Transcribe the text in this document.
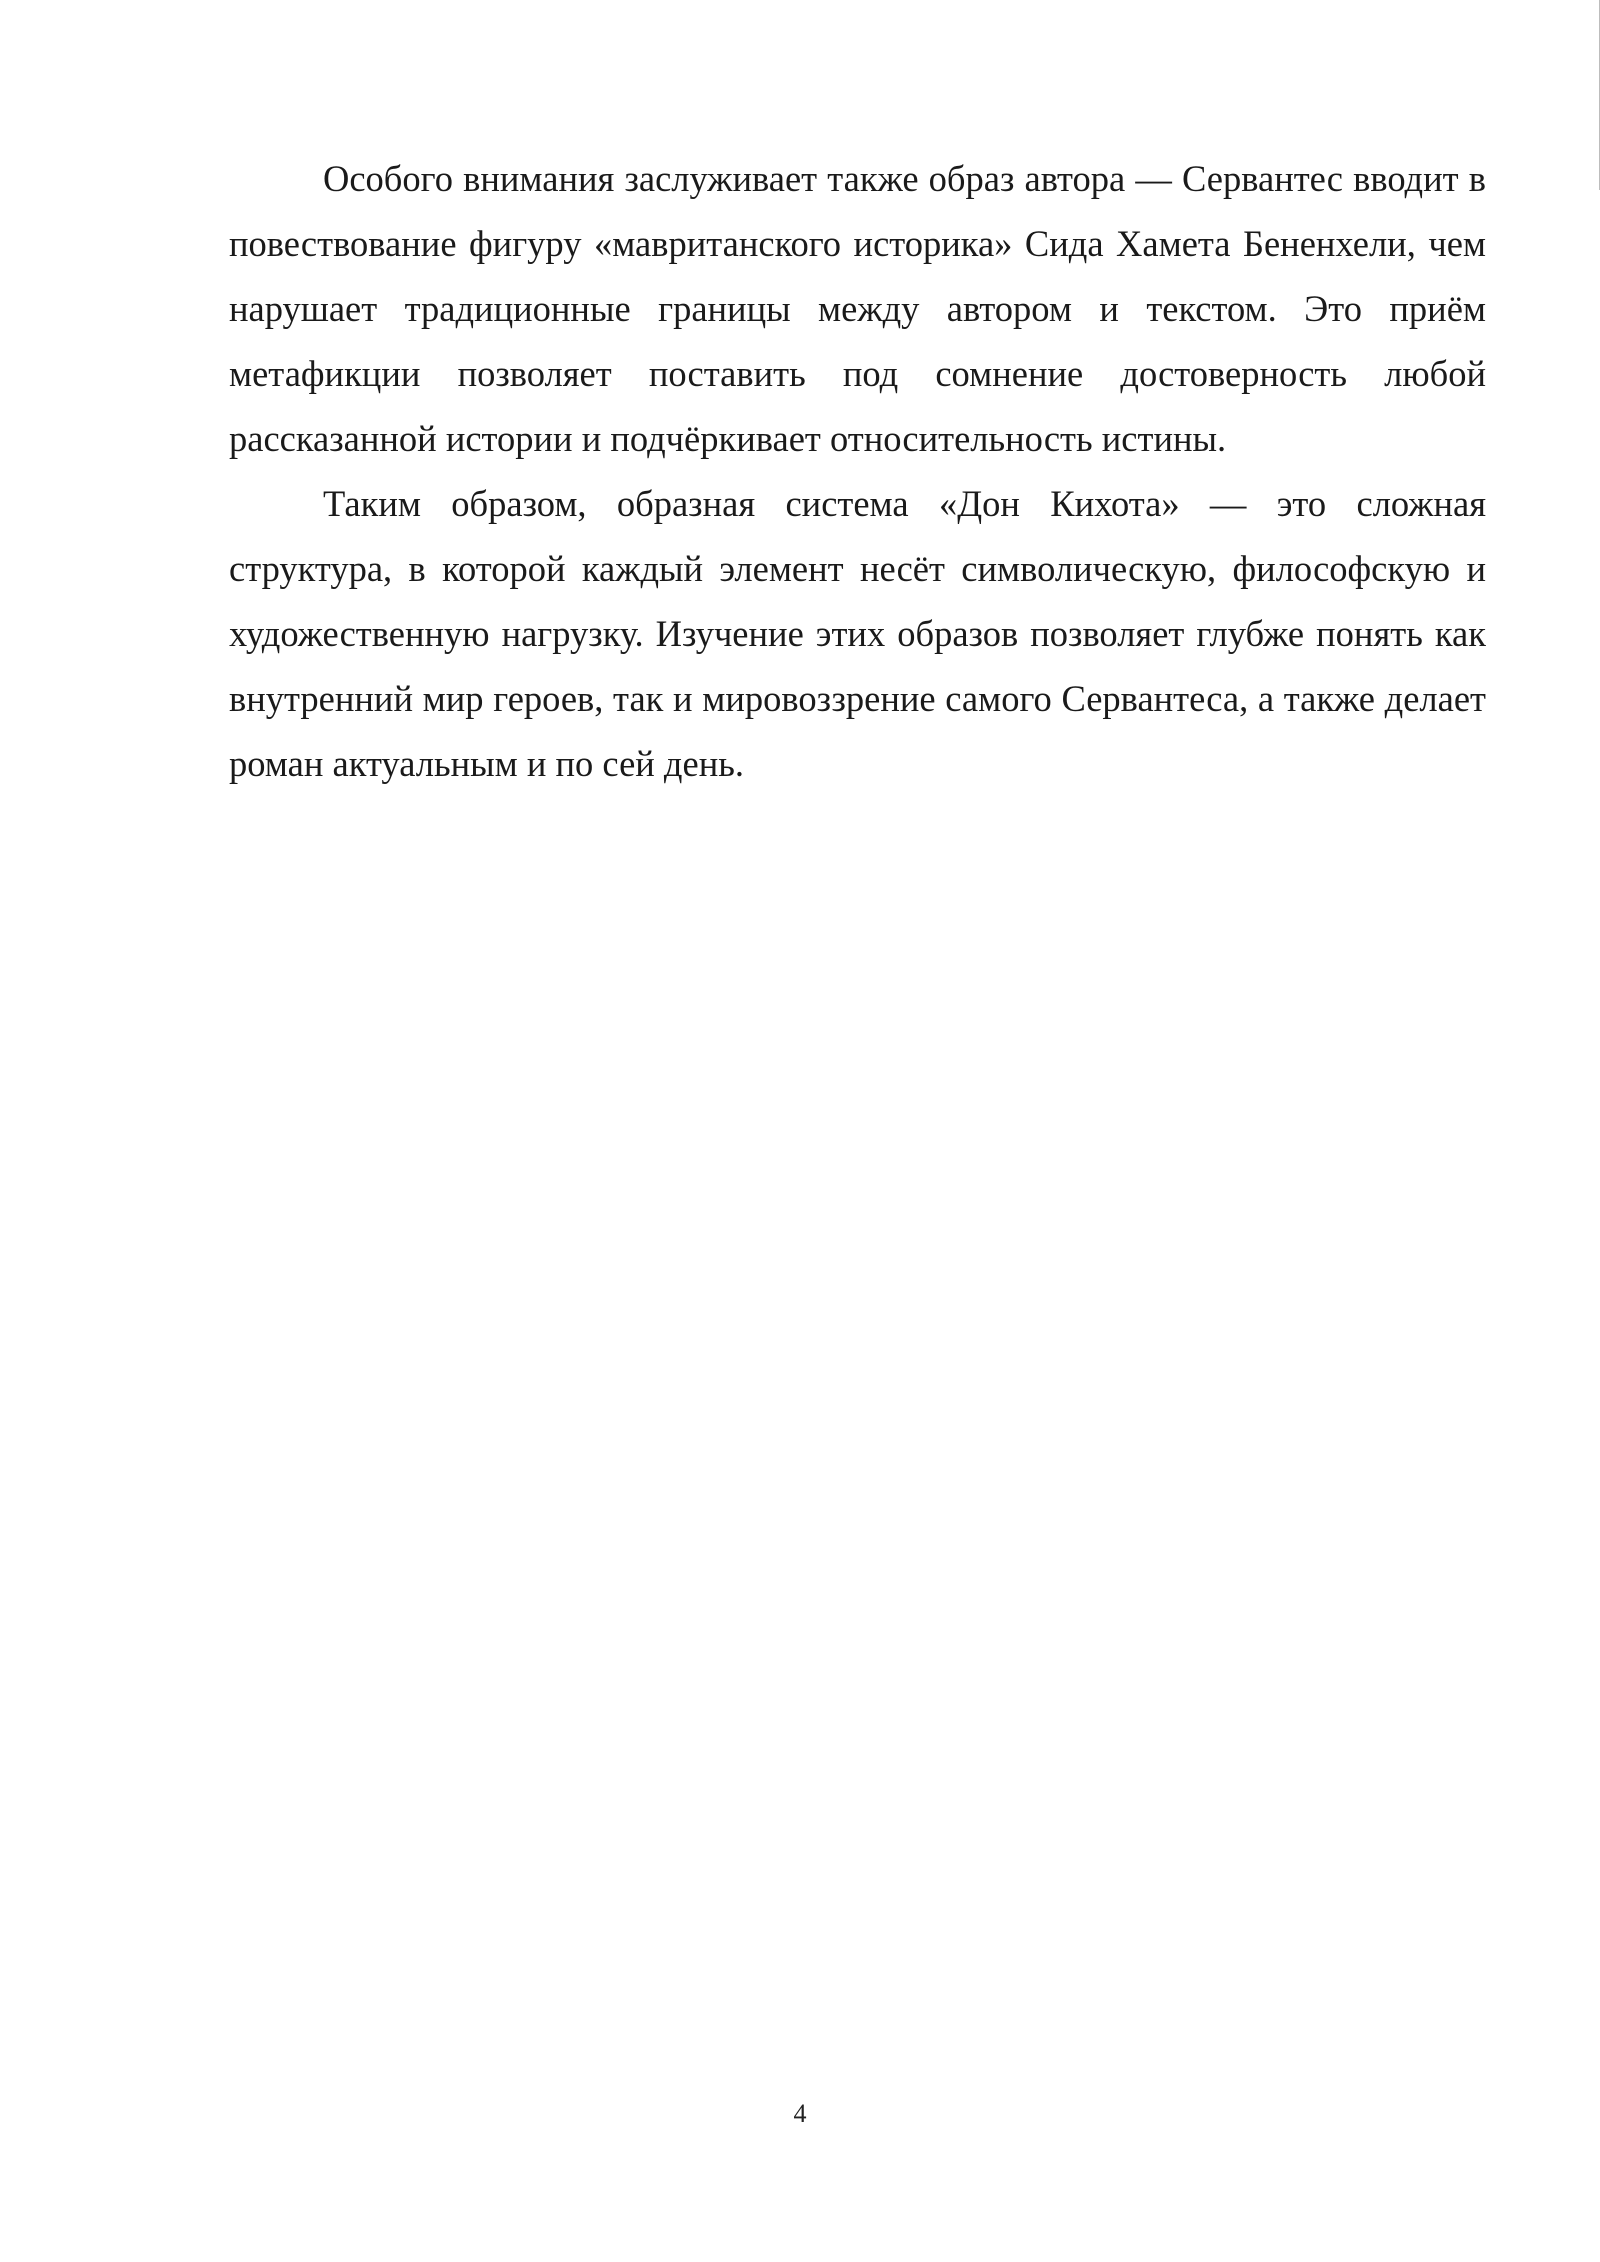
Особого внимания заслуживает также образ автора — Сервантес вводит в повествование фигуру «мавританского историка» Сида Хамета Бененхели, чем нарушает традиционные границы между автором и текстом. Это приём метафикции позволяет поставить под сомнение достоверность любой рассказанной истории и подчёркивает относительность истины.

Таким образом, образная система «Дон Кихота» — это сложная структура, в которой каждый элемент несёт символическую, философскую и художественную нагрузку. Изучение этих образов позволяет глубже понять как внутренний мир героев, так и мировоззрение самого Сервантеса, а также делает роман актуальным и по сей день.

4
